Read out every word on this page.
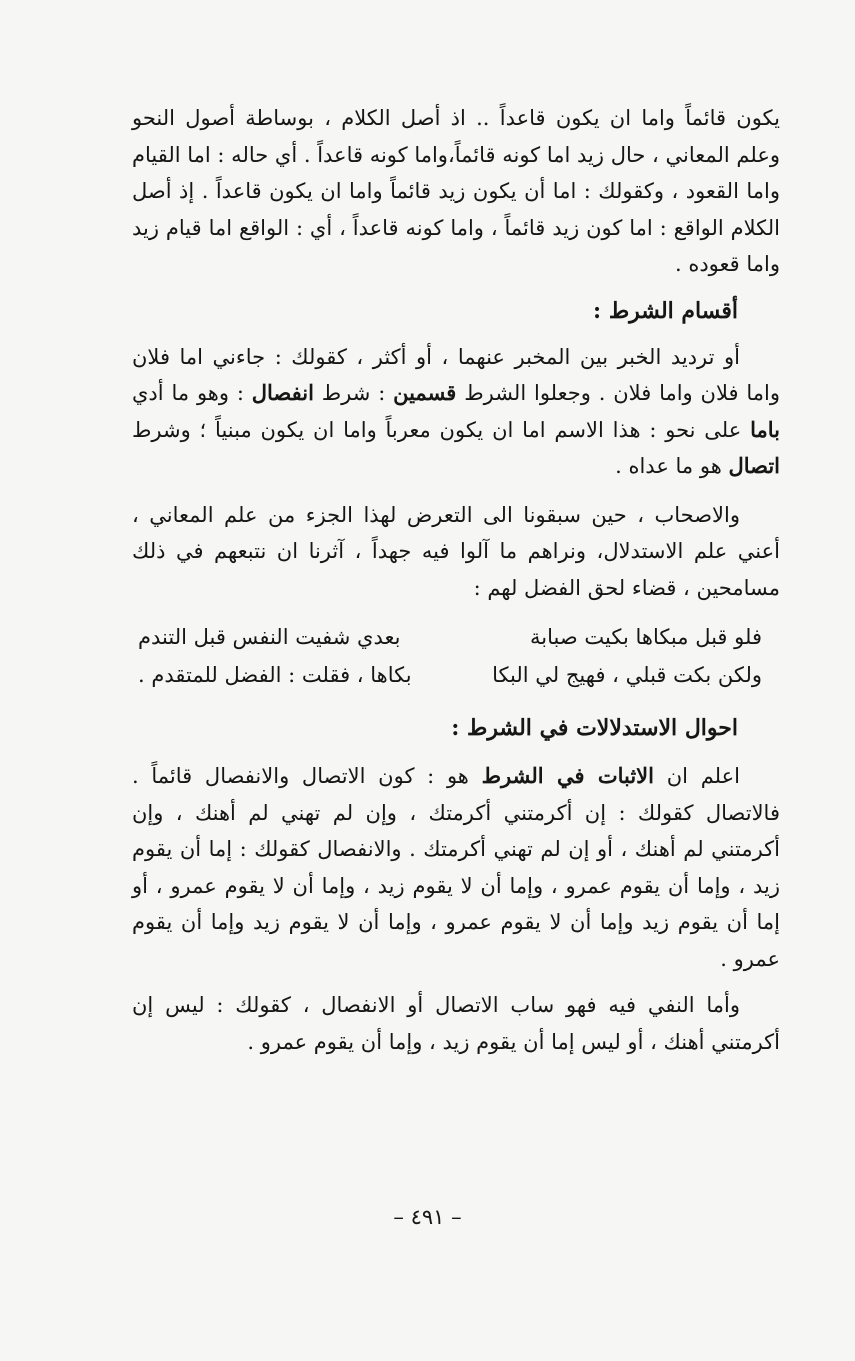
يكون قائماً واما ان يكون قاعداً .. اذ أصل الكلام ، بوساطة أصول النحو وعلم المعاني ، حال زيد اما كونه قائماً،واما كونه قاعداً . أي حاله : اما القيام واما القعود ، وكقولك : اما أن يكون زيد قائماً واما ان يكون قاعداً . إذ أصل الكلام الواقع : اما كون زيد قائماً ، واما كونه قاعداً ، أي : الواقع اما قيام زيد واما قعوده .

أقسام الشرط :

أو ترديد الخبر بين المخبر عنهما ، أو أكثر ، كقولك : جاءني اما فلان واما فلان واما فلان . وجعلوا الشرط قسمين : شرط انفصال : وهو ما أدي باما على نحو : هذا الاسم اما ان يكون معرباً واما ان يكون مبنياً ؛ وشرط اتصال هو ما عداه .

والاصحاب ، حين سبقونا الى التعرض لهذا الجزء من علم المعاني ، أعني علم الاستدلال، ونراهم ما آلوا فيه جهداً ، آثرنا ان نتبعهم في ذلك مسامحين ، قضاء لحق الفضل لهم :

فلو قبل مبكاها بكيت صبابة
بعدي شفيت النفس قبل التندم
ولكن بكت قبلي ، فهيج لي البكا
بكاها ، فقلت : الفضل للمتقدم .

احوال الاستدلالات في الشرط :

اعلم ان الاثبات في الشرط هو : كون الاتصال والانفصال قائماً . فالاتصال كقولك : إن أكرمتني أكرمتك ، وإن لم تهني لم أهنك ، وإن أكرمتني لم أهنك ، أو إن لم تهني أكرمتك . والانفصال كقولك : إما أن يقوم زيد ، وإما أن يقوم عمرو ، وإما أن لا يقوم زيد ، وإما أن لا يقوم عمرو ، أو إما أن يقوم زيد وإما أن لا يقوم عمرو ، وإما أن لا يقوم زيد وإما أن يقوم عمرو .

وأما النفي فيه فهو ساب الاتصال أو الانفصال ، كقولك : ليس إن أكرمتني أهنك ، أو ليس إما أن يقوم زيد ، وإما أن يقوم عمرو .

– ٤٩١ –
